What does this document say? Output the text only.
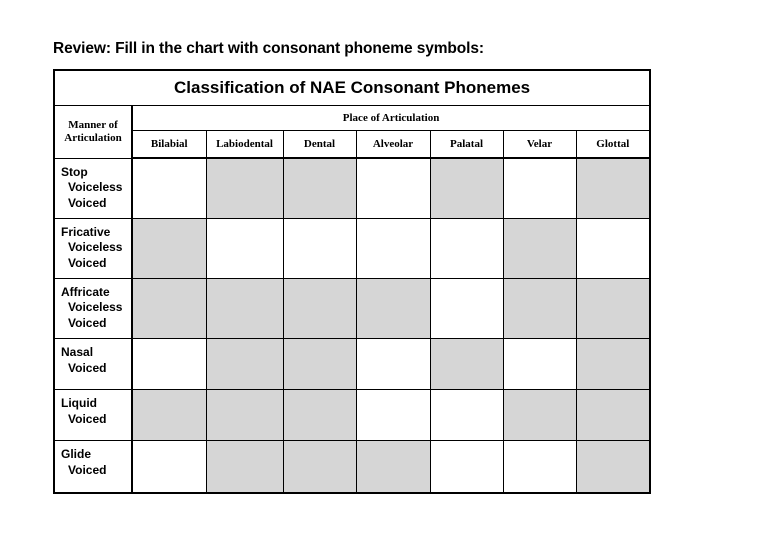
Review: Fill in the chart with consonant phoneme symbols:
Classification of NAE Consonant Phonemes							
Manner of
Articulation	Place of Articulation						
	Bilabial	Labiodental	Dental	Alveolar	Palatal	Velar	Glottal

Stop
Voiceless
Voiced							

Fricative
Voiceless
Voiced							

Affricate
Voiceless
Voiced							

Nasal
Voiced							

Liquid
Voiced							

Glide
Voiced							
